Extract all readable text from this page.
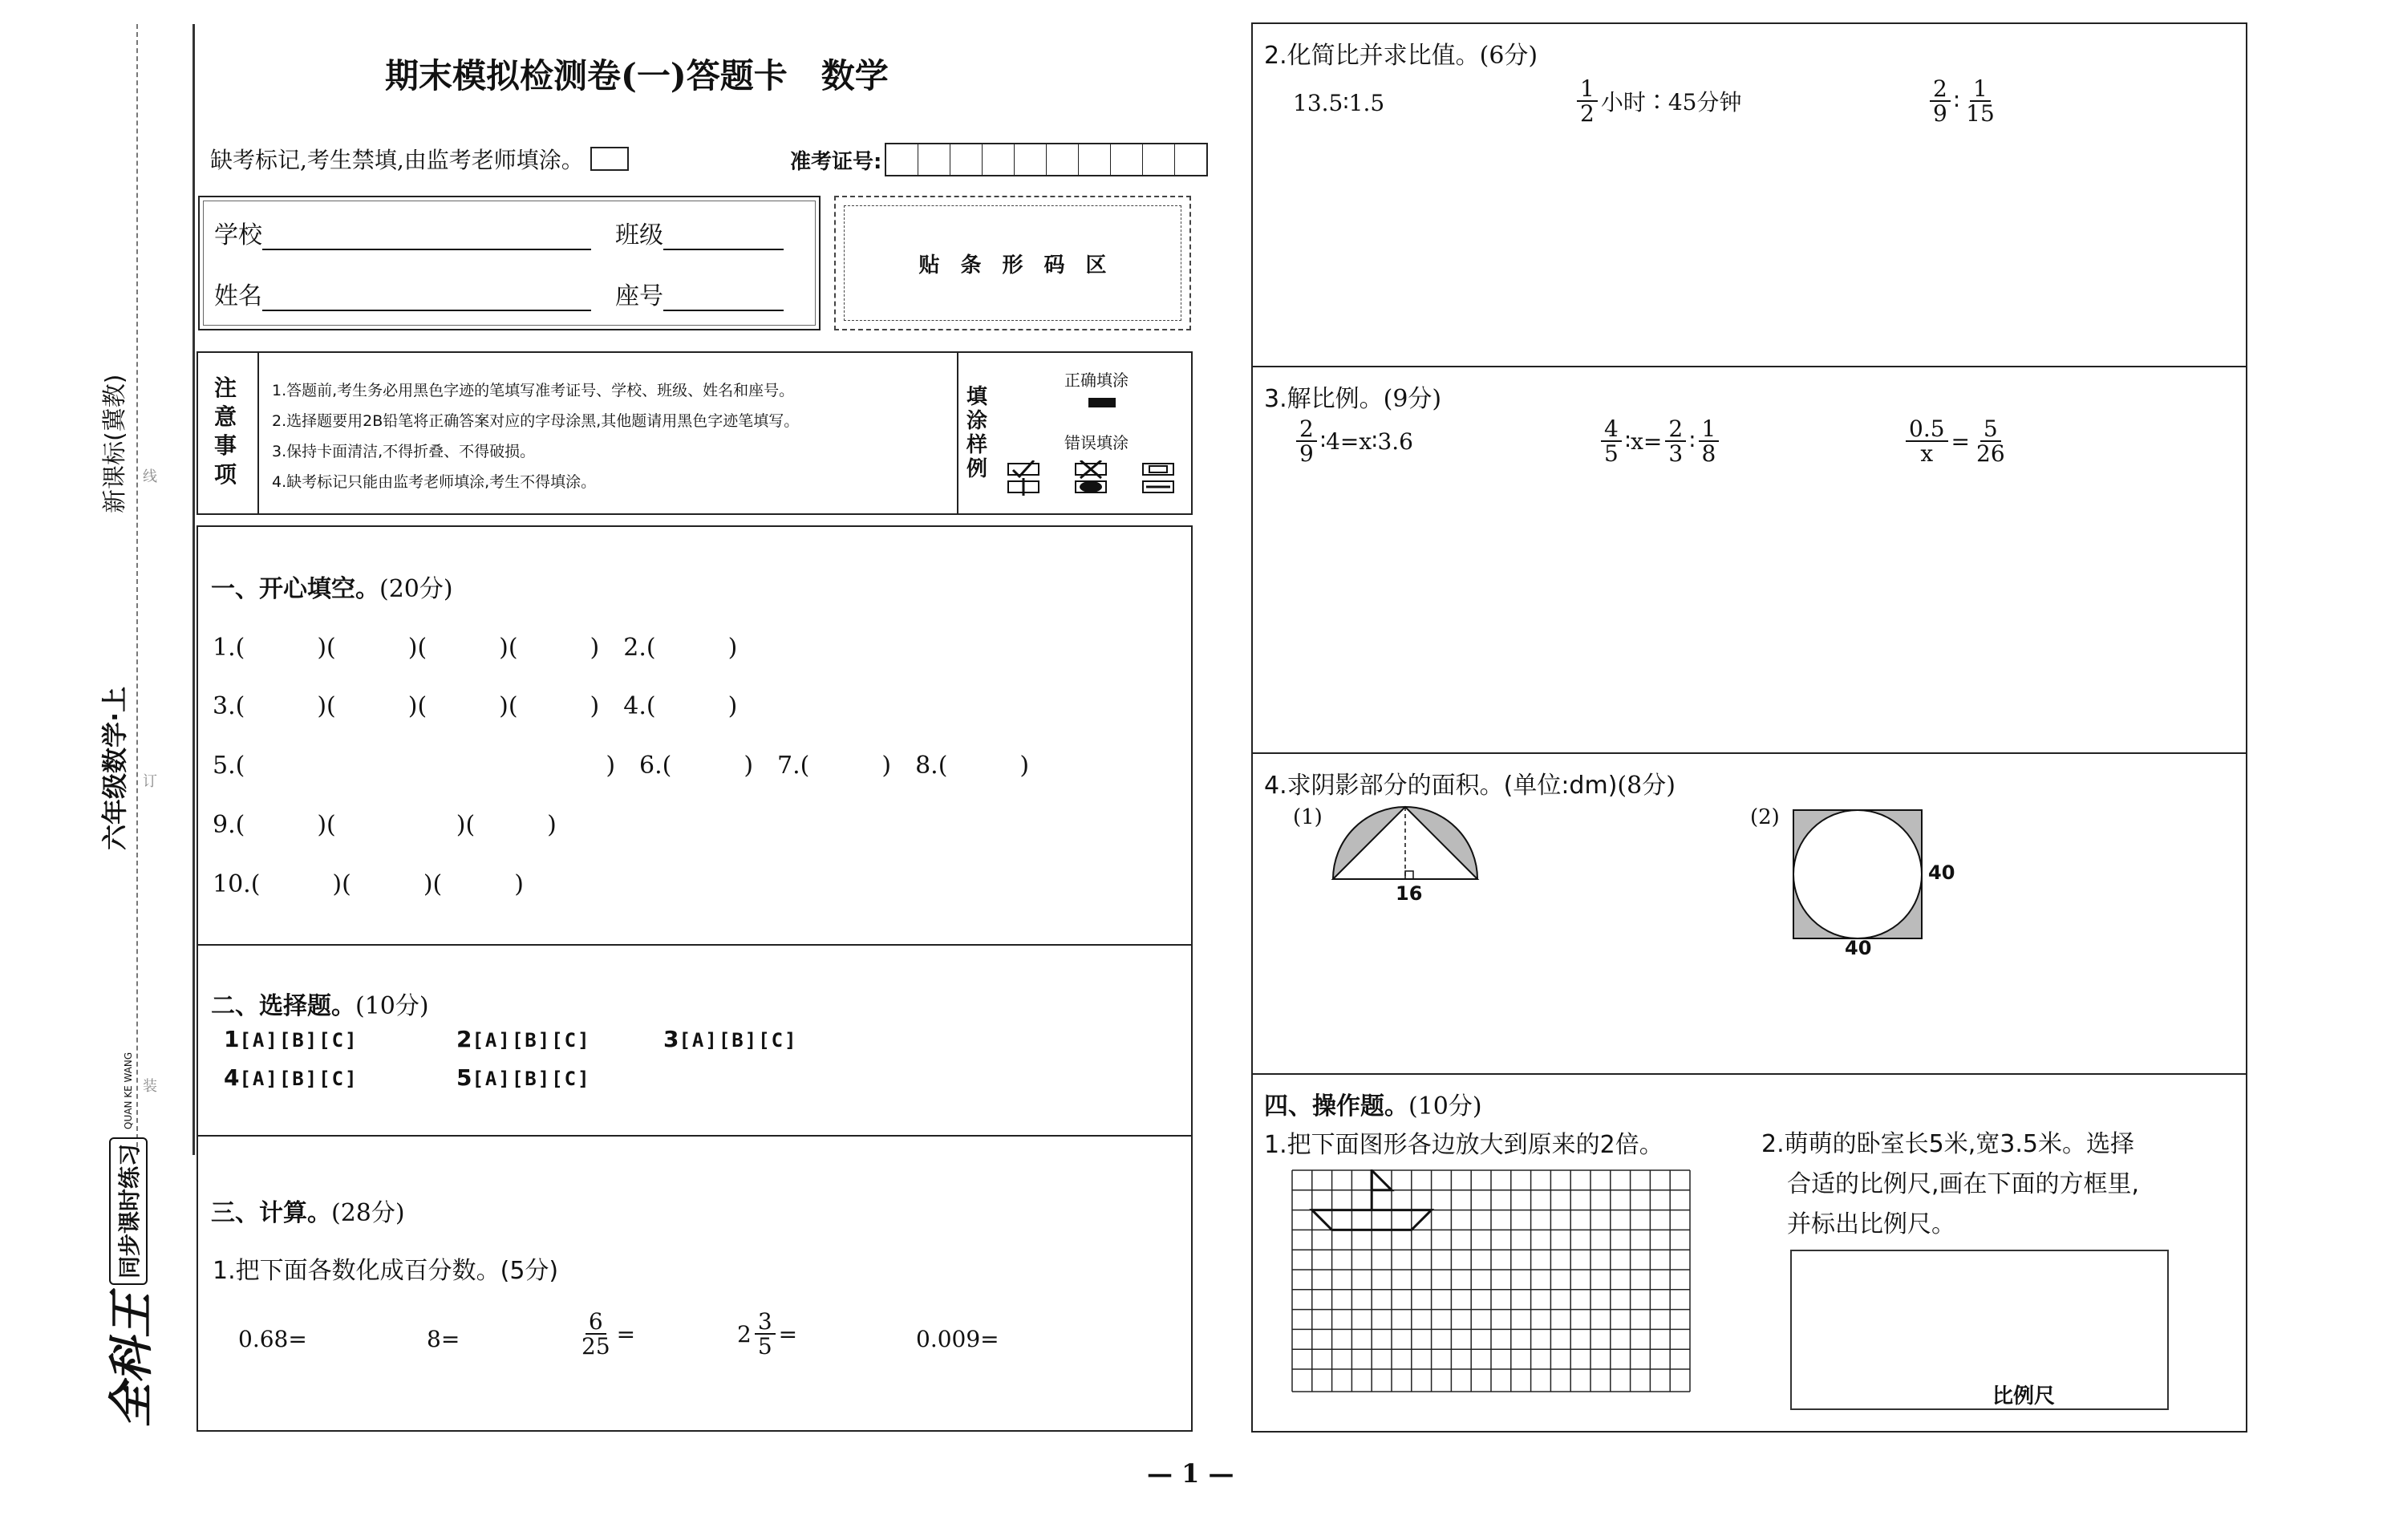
新课标(冀教)
六年级数学·上
线
订
装
全科王
同步课时练习
QUAN KE WANG
期末模拟检测卷(一)答题卡　数学
缺考标记,考生禁填,由监考老师填涂。	准考证号:
学校	班级
姓名	座号
贴　条　形　码　区
注意事项
1.答题前,考生务必用黑色字迹的笔填写准考证号、学校、班级、姓名和座号。
2.选择题要用2B铅笔将正确答案对应的字母涂黑,其他题请用黑色字迹笔填写。
3.保持卡面清洁,不得折叠、不得破损。
4.缺考标记只能由监考老师填涂,考生不得填涂。
填涂样例
正确填涂
错误填涂
一、开心填空。(20分)
1.(　　　)(　　　)(　　　)(　　　)　2.(　　　)
3.(　　　)(　　　)(　　　)(　　　)　4.(　　　)
5.(　　　　　　　　　　　　　　　)　6.(　　　)　7.(　　　)　8.(　　　)
9.(　　　)(　　　　　)(　　　)
10.(　　　)(　　　)(　　　)
二、选择题。(10分)
1[A][B][C]	2[A][B][C]	3[A][B][C]
4[A][B][C]	5[A][B][C]
三、计算。(28分)
1.把下面各数化成百分数。(5分)
0.68=	8=	$\frac{6}{25}$ =	$2 \frac{3}{5}$ =	0.009=
2.化简比并求比值。(6分)
13.5∶1.5	$\frac{1}{2}$ 小时∶45分钟	$\frac{2}{9}$ ∶ $\frac{1}{15}$
3.解比例。(9分)
$\frac{2}{9}$ ∶4=x∶3.6	$\frac{4}{5}$ ∶x= $\frac{2}{3}$ ∶ $\frac{1}{8}$	$\frac{0.5}{x} = \frac{5}{26}$
4.求阴影部分的面积。(单位:dm)(8分)
(1)
16
(2)
40
40
四、操作题。(10分)
1.把下面图形各边放大到原来的2倍。	2.萌萌的卧室长5米,宽3.5米。选择
合适的比例尺,画在下面的方框里,
并标出比例尺。
比例尺
— 1 —
